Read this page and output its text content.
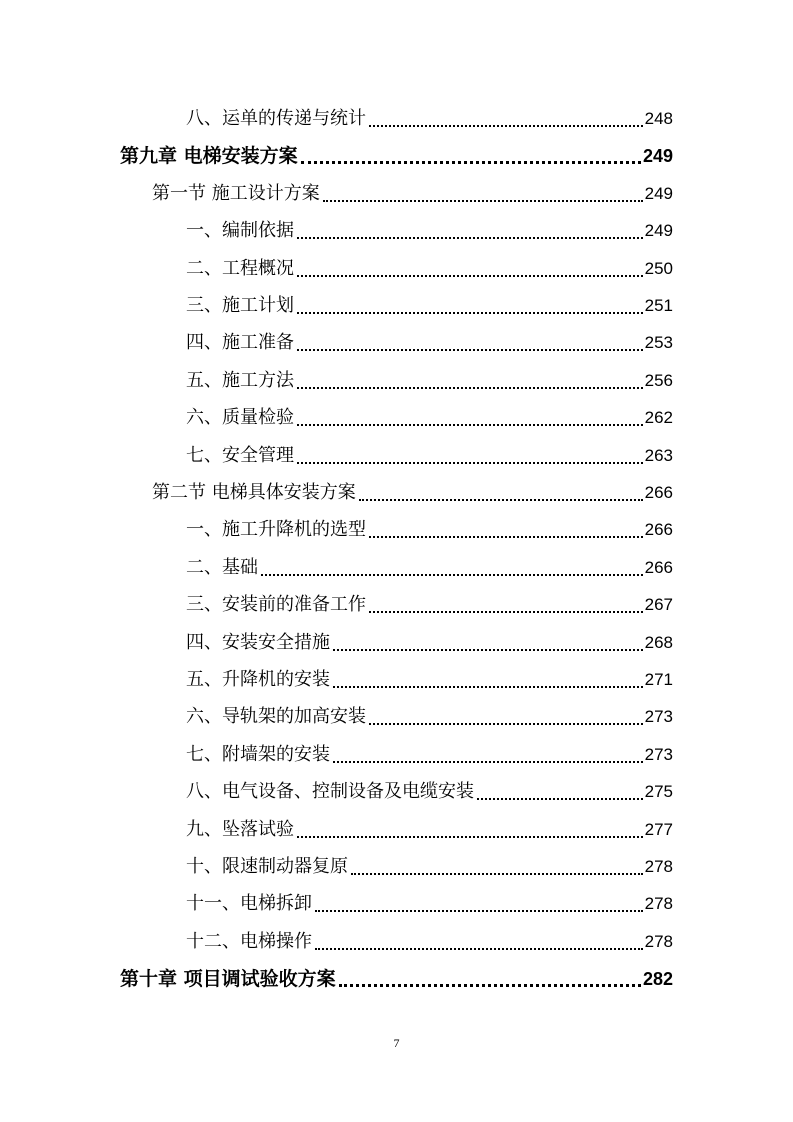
八、运单的传递与统计	248
第九章 电梯安装方案	249
第一节 施工设计方案	249
一、编制依据	249
二、工程概况	250
三、施工计划	251
四、施工准备	253
五、施工方法	256
六、质量检验	262
七、安全管理	263
第二节 电梯具体安装方案	266
一、施工升降机的选型	266
二、基础	266
三、安装前的准备工作	267
四、安装安全措施	268
五、升降机的安装	271
六、导轨架的加高安装	273
七、附墙架的安装	273
八、电气设备、控制设备及电缆安装	275
九、坠落试验	277
十、限速制动器复原	278
十一、电梯拆卸	278
十二、电梯操作	278
第十章 项目调试验收方案	282
7
